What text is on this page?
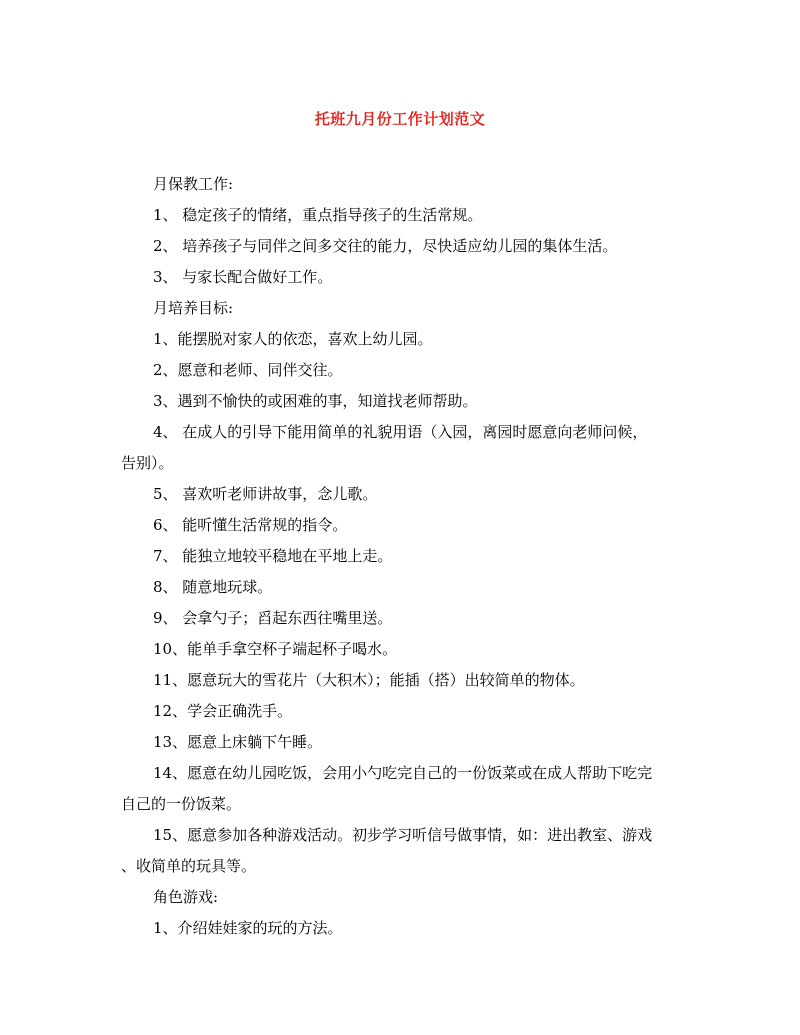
托班九月份工作计划范文
月保教工作:
1、 稳定孩子的情绪，重点指导孩子的生活常规。
2、 培养孩子与同伴之间多交往的能力，尽快适应幼儿园的集体生活。
3、 与家长配合做好工作。
月培养目标:
1、能摆脱对家人的依恋，喜欢上幼儿园。
2、愿意和老师、同伴交往。
3、遇到不愉快的或困难的事，知道找老师帮助。
4、 在成人的引导下能用简单的礼貌用语（入园，离园时愿意向老师问候，
告别）。
5、 喜欢听老师讲故事，念儿歌。
6、 能听懂生活常规的指令。
7、 能独立地较平稳地在平地上走。
8、 随意地玩球。
9、 会拿勺子；舀起东西往嘴里送。
10、能单手拿空杯子端起杯子喝水。
11、愿意玩大的雪花片（大积木）；能插（搭）出较简单的物体。
12、学会正确洗手。
13、愿意上床躺下午睡。
14、愿意在幼儿园吃饭，会用小勺吃完自己的一份饭菜或在成人帮助下吃完
自己的一份饭菜。
15、愿意参加各种游戏活动。初步学习听信号做事情，如：进出教室、游戏
、收简单的玩具等。
角色游戏:
1、介绍娃娃家的玩的方法。
